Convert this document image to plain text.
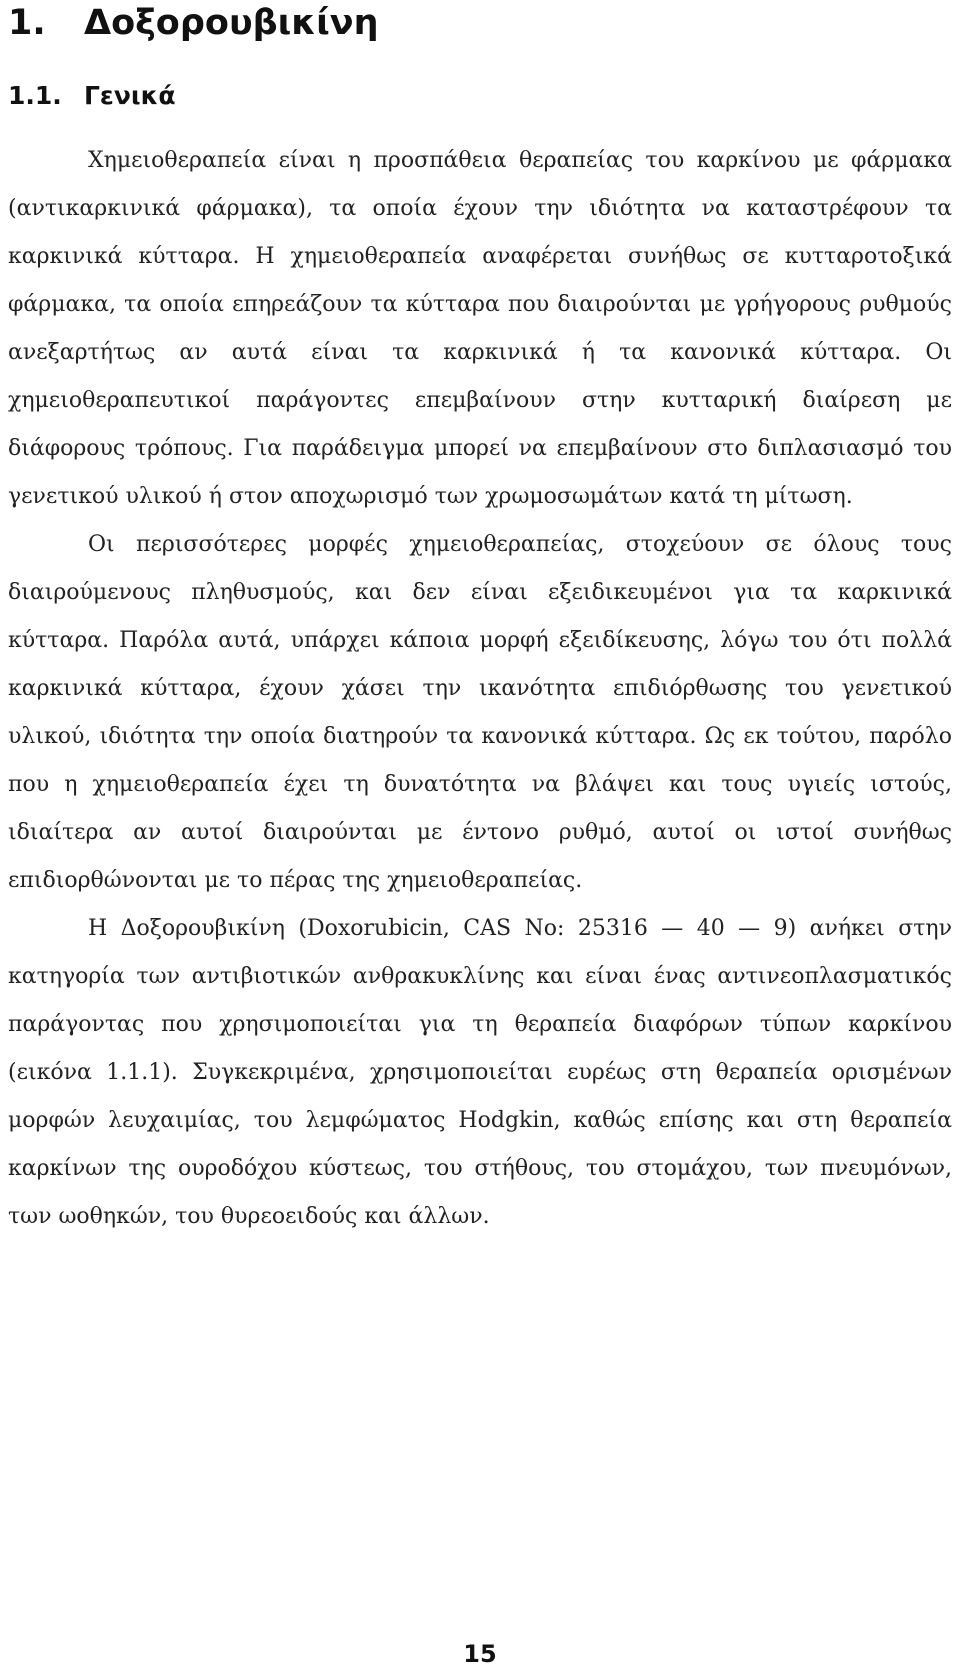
1. Δοξορουβικίνη
1.1. Γενικά

Χημειοθεραπεία είναι η προσπάθεια θεραπείας του καρκίνου με φάρμακα (αντικαρκινικά φάρμακα), τα οποία έχουν την ιδιότητα να καταστρέφουν τα καρκινικά κύτταρα. Η χημειοθεραπεία αναφέρεται συνήθως σε κυτταροτοξικά φάρμακα, τα οποία επηρεάζουν τα κύτταρα που διαιρούνται με γρήγορους ρυθμούς ανεξαρτήτως αν αυτά είναι τα καρκινικά ή τα κανονικά κύτταρα. Οι χημειοθεραπευτικοί παράγοντες επεμβαίνουν στην κυτταρική διαίρεση με διάφορους τρόπους. Για παράδειγμα μπορεί να επεμβαίνουν στο διπλασιασμό του γενετικού υλικού ή στον αποχωρισμό των χρωμοσωμάτων κατά τη μίτωση.

Οι περισσότερες μορφές χημειοθεραπείας, στοχεύουν σε όλους τους διαιρούμενους πληθυσμούς, και δεν είναι εξειδικευμένοι για τα καρκινικά κύτταρα. Παρόλα αυτά, υπάρχει κάποια μορφή εξειδίκευσης, λόγω του ότι πολλά καρκινικά κύτταρα, έχουν χάσει την ικανότητα επιδιόρθωσης του γενετικού υλικού, ιδιότητα την οποία διατηρούν τα κανονικά κύτταρα. Ως εκ τούτου, παρόλο που η χημειοθεραπεία έχει τη δυνατότητα να βλάψει και τους υγιείς ιστούς, ιδιαίτερα αν αυτοί διαιρούνται με έντονο ρυθμό, αυτοί οι ιστοί συνήθως επιδιορθώνονται με το πέρας της χημειοθεραπείας.

Η Δοξορουβικίνη (Doxorubicin, CAS No: 25316 — 40 — 9) ανήκει στην κατηγορία των αντιβιοτικών ανθρακυκλίνης και είναι ένας αντινεοπλασματικός παράγοντας που χρησιμοποιείται για τη θεραπεία διαφόρων τύπων καρκίνου (εικόνα 1.1.1). Συγκεκριμένα, χρησιμοποιείται ευρέως στη θεραπεία ορισμένων μορφών λευχαιμίας, του λεμφώματος Hodgkin, καθώς επίσης και στη θεραπεία καρκίνων της ουροδόχου κύστεως, του στήθους, του στομάχου, των πνευμόνων, των ωοθηκών, του θυρεοειδούς και άλλων.

15
